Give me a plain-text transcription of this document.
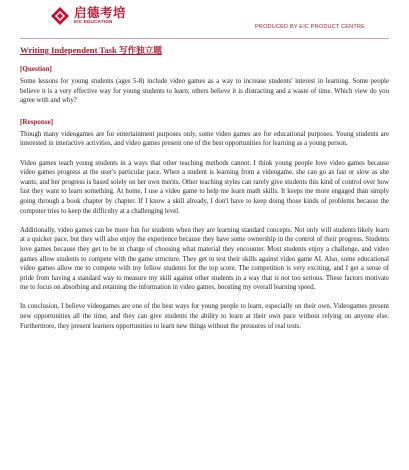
启德考培
EIC EDUCATION
PRODUCED BY EIC PRODUCT CENTRE
Writing Independent Task 写作独立题
[Question]

Some lessons for young students (ages 5-8) include video games as a way to increase students' interest in learning. Some people believe it is a very effective way for young students to learn; others believe it is distracting and a waste of time. Which view do you agree with and why?

[Response]

Though many videogames are for entertainment purposes only, some video games are for educational purposes. Young students are interested in interactive activities, and video games present one of the best opportunities for learning as a young person.

Video games teach young students in a ways that other teaching methods cannot. I think young people love video games because video games progress at the user's particular pace. When a student is learning from a videogame, she can go as fast or slow as she wants, and her progress is based solely on her own merits. Other teaching styles can rarely give students this kind of control over how fast they want to learn something. At home, I use a video game to help me learn math skills. It keeps me more engaged than simply going through a book chapter by chapter. If I know a skill already, I don't have to keep doing those kinds of problems because the computer tries to keep the difficulty at a challenging level.

Additionally, video games can be more fun for students when they are learning standard concepts. Not only will students likely learn at a quicker pace, but they will also enjoy the experience because they have some ownership in the control of their progress. Students love games because they get to be in charge of choosing what material they encounter. Most students enjoy a challenge, and video games allow students to compete with the game structure. They get to test their skills against video game AI. Also, some educational video games allow me to compete with my fellow students for the top score. The competition is very exciting, and I get a sense of pride from having a standard way to measure my skill against other students in a way that is not too serious. These factors motivate me to focus on absorbing and retaining the information in video games, boosting my overall learning speed.

In conclusion, I believe videogames are one of the best ways for young people to learn, especially on their own. Videogames present new opportunities all the time, and they can give students the ability to learn at their own pace without relying on anyone else. Furthermore, they present learners opportunities to learn new things without the pressures of real tests.
